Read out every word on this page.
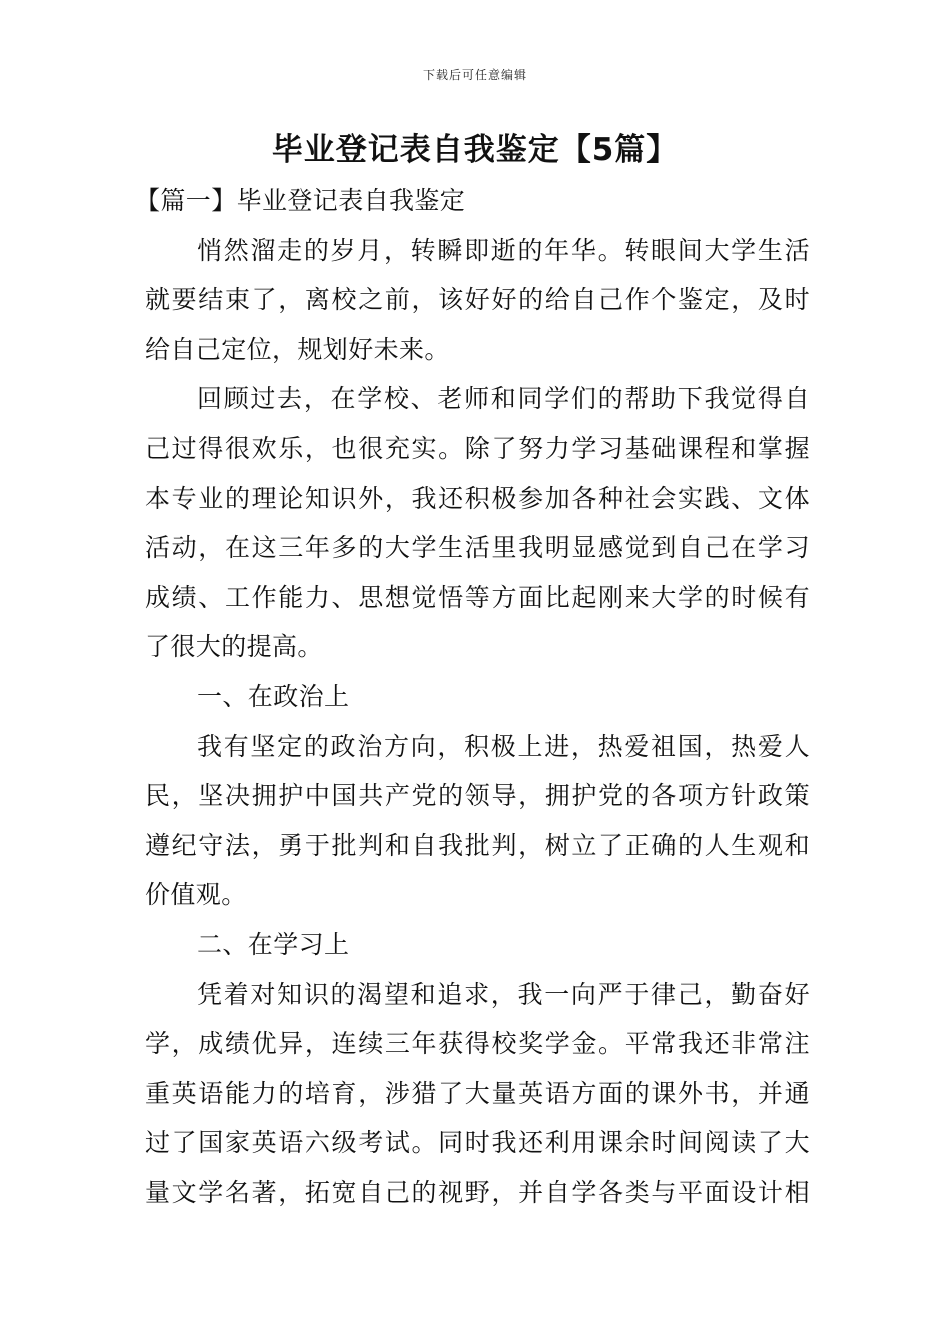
下载后可任意编辑
毕业登记表自我鉴定【5篇】
【篇一】毕业登记表自我鉴定
悄然溜走的岁月，转瞬即逝的年华。转眼间大学生活
就要结束了，离校之前，该好好的给自己作个鉴定，及时
给自己定位，规划好未来。
回顾过去，在学校、老师和同学们的帮助下我觉得自
己过得很欢乐，也很充实。除了努力学习基础课程和掌握
本专业的理论知识外，我还积极参加各种社会实践、文体
活动，在这三年多的大学生活里我明显感觉到自己在学习
成绩、工作能力、思想觉悟等方面比起刚来大学的时候有
了很大的提高。
一、在政治上
我有坚定的政治方向，积极上进，热爱祖国，热爱人
民，坚决拥护中国共产党的领导，拥护党的各项方针政策
遵纪守法，勇于批判和自我批判，树立了正确的人生观和
价值观。
二、在学习上
凭着对知识的渴望和追求，我一向严于律己，勤奋好
学，成绩优异，连续三年获得校奖学金。平常我还非常注
重英语能力的培育，涉猎了大量英语方面的课外书，并通
过了国家英语六级考试。同时我还利用课余时间阅读了大
量文学名著，拓宽自己的视野，并自学各类与平面设计相
